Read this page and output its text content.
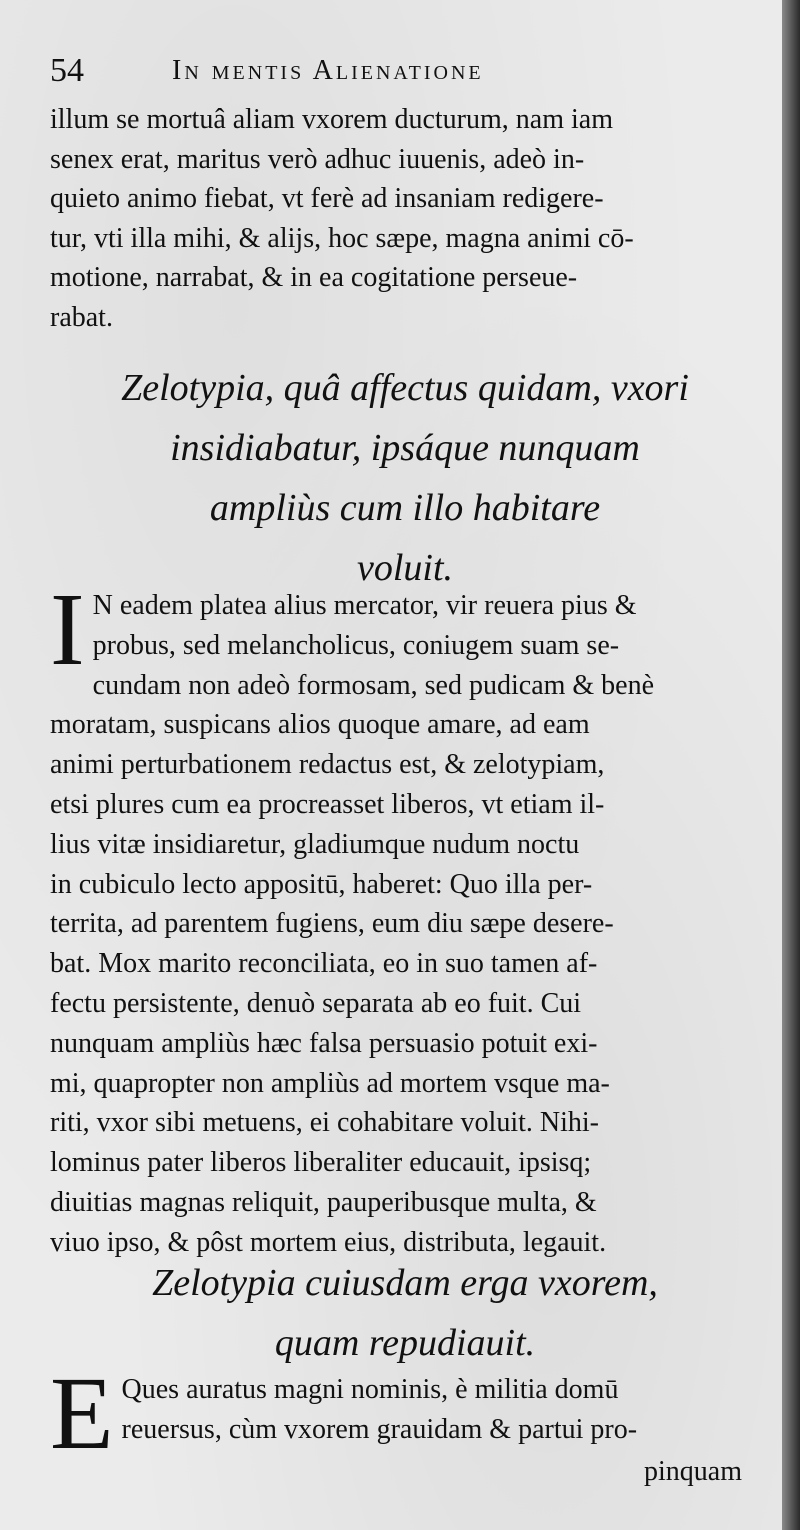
54	In mentis Alienatione
illum se mortuâ aliam vxorem ducturum, nam iam
senex erat, maritus verò adhuc iuuenis, adeò in-
quieto animo fiebat, vt ferè ad insaniam redigere-
tur, vti illa mihi, & alijs, hoc sæpe, magna animi cō-
motione, narrabat, & in ea cogitatione perseue-
rabat.
Zelotypia, quâ affectus quidam, vxori
insidiabatur, ipsáque nunquam
ampliùs cum illo habitare
voluit.
I N eadem platea alius mercator, vir reuera pius &
probus, sed melancholicus, coniugem suam se-
cundam non adeò formosam, sed pudicam & benè
moratam, suspicans alios quoque amare, ad eam
animi perturbationem redactus est, & zelotypiam,
etsi plures cum ea procreasset liberos, vt etiam il-
lius vitæ insidiaretur, gladiumque nudum noctu
in cubiculo lecto appositū, haberet: Quo illa per-
territa, ad parentem fugiens, eum diu sæpe desere-
bat. Mox marito reconciliata, eo in suo tamen af-
fectu persistente, denuò separata ab eo fuit. Cui
nunquam ampliùs hæc falsa persuasio potuit exi-
mi, quapropter non ampliùs ad mortem vsque ma-
riti, vxor sibi metuens, ei cohabitare voluit. Nihi-
lominus pater liberos liberaliter educauit, ipsisq;
diuitias magnas reliquit, pauperibusque multa, &
viuo ipso, & pôst mortem eius, distributa, legauit.
Zelotypia cuiusdam erga vxorem,
quam repudiauit.
E Ques auratus magni nominis, è militia domū
reuersus, cùm vxorem grauidam & partui pro-
pinquam
